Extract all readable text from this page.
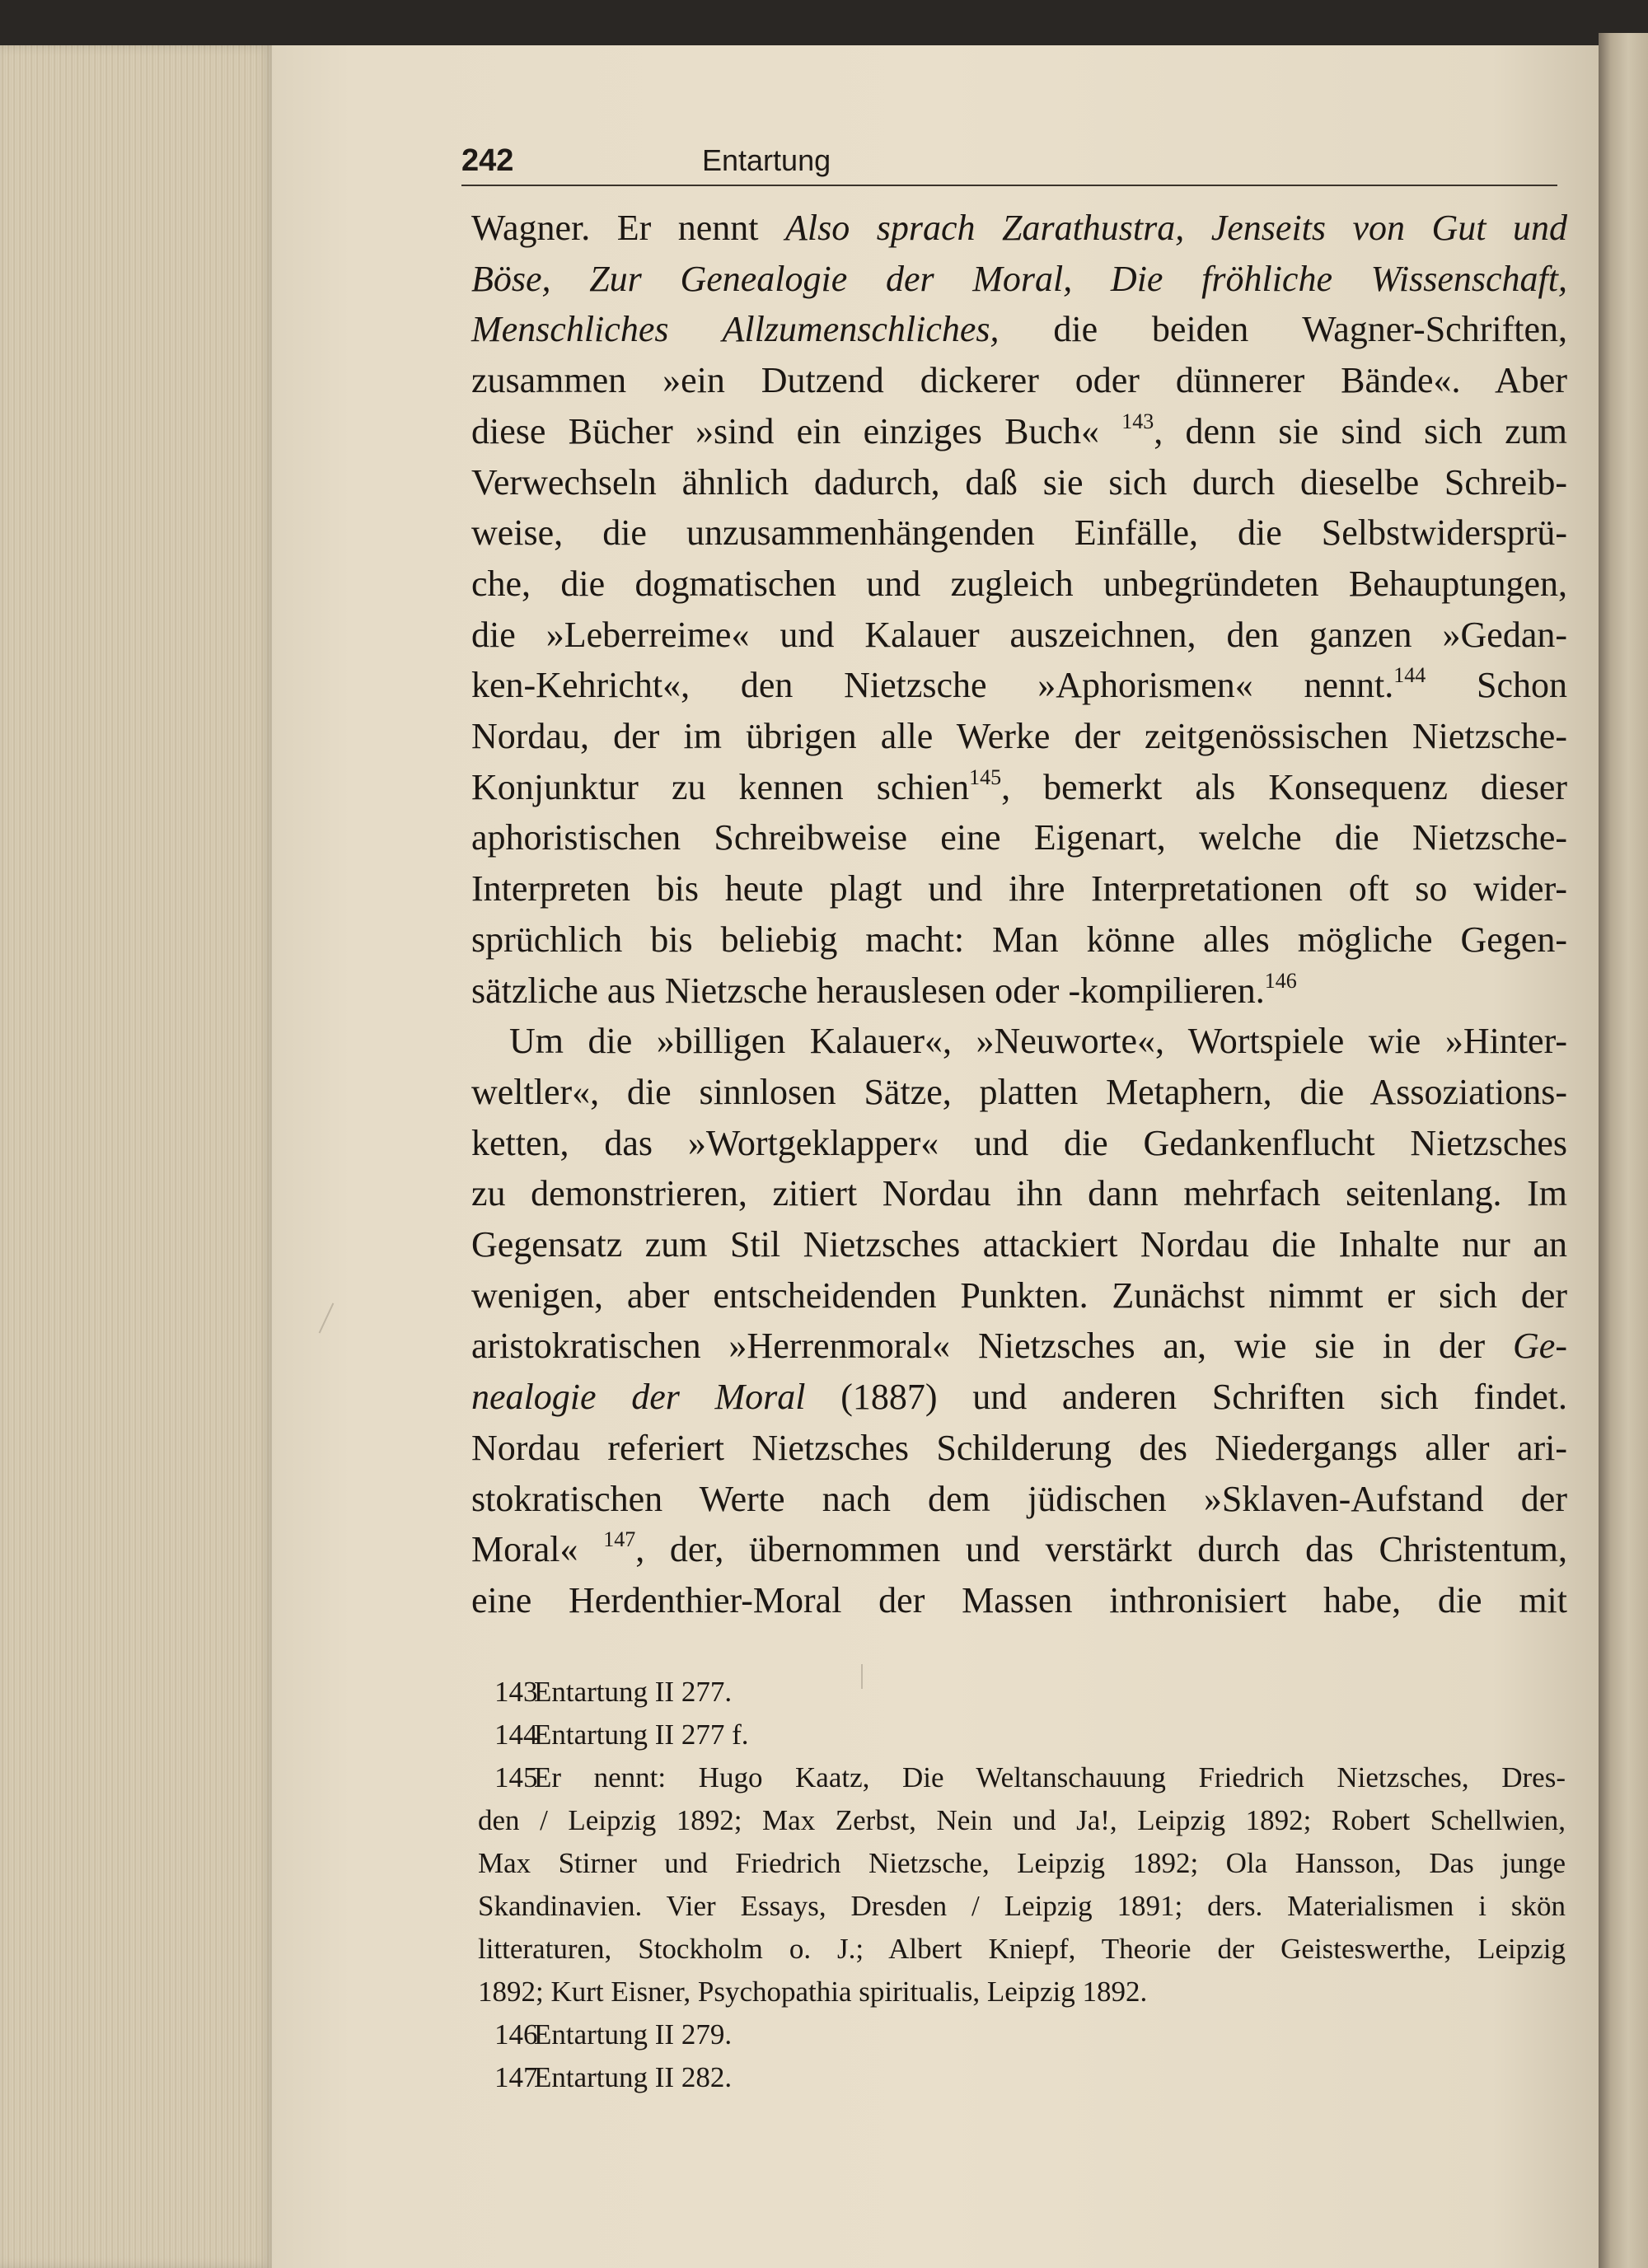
242	Entartung

Wagner. Er nennt Also sprach Zarathustra, Jenseits von Gut und
Böse, Zur Genealogie der Moral, Die fröhliche Wissenschaft,
Menschliches Allzumenschliches, die beiden Wagner-Schriften,
zusammen »ein Dutzend dickerer oder dünnerer Bände«. Aber
diese Bücher »sind ein einziges Buch« $^{143}$, denn sie sind sich zum
Verwechseln ähnlich dadurch, daß sie sich durch dieselbe Schreib-
weise, die unzusammenhängenden Einfälle, die Selbstwidersprü-
che, die dogmatischen und zugleich unbegründeten Behauptungen,
die »Leberreime« und Kalauer auszeichnen, den ganzen »Gedan-
ken-Kehricht«, den Nietzsche »Aphorismen« nennt.$^{144}$ Schon
Nordau, der im übrigen alle Werke der zeitgenössischen Nietzsche-
Konjunktur zu kennen schien$^{145}$, bemerkt als Konsequenz dieser
aphoristischen Schreibweise eine Eigenart, welche die Nietzsche-
Interpreten bis heute plagt und ihre Interpretationen oft so wider-
sprüchlich bis beliebig macht: Man könne alles mögliche Gegen-
sätzliche aus Nietzsche herauslesen oder -kompilieren.$^{146}$

Um die »billigen Kalauer«, »Neuworte«, Wortspiele wie »Hinter-
weltler«, die sinnlosen Sätze, platten Metaphern, die Assoziations-
ketten, das »Wortgeklapper« und die Gedankenflucht Nietzsches
zu demonstrieren, zitiert Nordau ihn dann mehrfach seitenlang. Im
Gegensatz zum Stil Nietzsches attackiert Nordau die Inhalte nur an
wenigen, aber entscheidenden Punkten. Zunächst nimmt er sich der
aristokratischen »Herrenmoral« Nietzsches an, wie sie in der Ge-
nealogie der Moral (1887) und anderen Schriften sich findet.
Nordau referiert Nietzsches Schilderung des Niedergangs aller ari-
stokratischen Werte nach dem jüdischen »Sklaven-Aufstand der
Moral« $^{147}$, der, übernommen und verstärkt durch das Christentum,
eine Herdenthier-Moral der Massen inthronisiert habe, die mit

143Entartung II 277.
144Entartung II 277 f.
145Er nennt: Hugo Kaatz, Die Weltanschauung Friedrich Nietzsches, Dres-
den / Leipzig 1892; Max Zerbst, Nein und Ja!, Leipzig 1892; Robert Schellwien,
Max Stirner und Friedrich Nietzsche, Leipzig 1892; Ola Hansson, Das junge
Skandinavien. Vier Essays, Dresden / Leipzig 1891; ders. Materialismen i skön
litteraturen, Stockholm o. J.; Albert Kniepf, Theorie der Geisteswerthe, Leipzig
1892; Kurt Eisner, Psychopathia spiritualis, Leipzig 1892.
146Entartung II 279.
147Entartung II 282.
